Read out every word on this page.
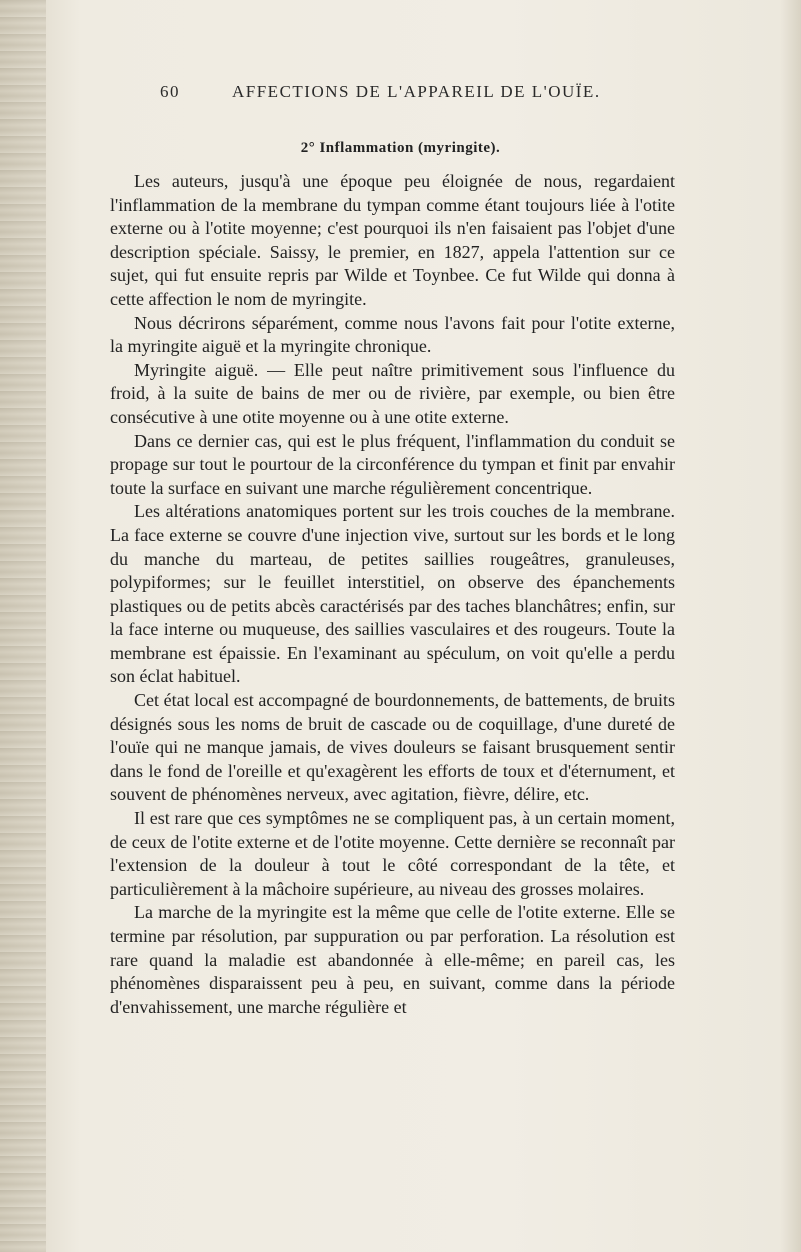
60	AFFECTIONS DE L'APPAREIL DE L'OUÏE.
2° Inflammation (myringite).

Les auteurs, jusqu'à une époque peu éloignée de nous, regardaient l'inflammation de la membrane du tympan comme étant toujours liée à l'otite externe ou à l'otite moyenne; c'est pourquoi ils n'en faisaient pas l'objet d'une description spéciale. Saissy, le premier, en 1827, appela l'attention sur ce sujet, qui fut ensuite repris par Wilde et Toynbee. Ce fut Wilde qui donna à cette affection le nom de myringite.

Nous décrirons séparément, comme nous l'avons fait pour l'otite externe, la myringite aiguë et la myringite chronique.

Myringite aiguë. — Elle peut naître primitivement sous l'influence du froid, à la suite de bains de mer ou de rivière, par exemple, ou bien être consécutive à une otite moyenne ou à une otite externe.

Dans ce dernier cas, qui est le plus fréquent, l'inflammation du conduit se propage sur tout le pourtour de la circonférence du tympan et finit par envahir toute la surface en suivant une marche régulièrement concentrique.

Les altérations anatomiques portent sur les trois couches de la membrane. La face externe se couvre d'une injection vive, surtout sur les bords et le long du manche du marteau, de petites saillies rougeâtres, granuleuses, polypiformes; sur le feuillet interstitiel, on observe des épanchements plastiques ou de petits abcès caractérisés par des taches blanchâtres; enfin, sur la face interne ou muqueuse, des saillies vasculaires et des rougeurs. Toute la membrane est épaissie. En l'examinant au spéculum, on voit qu'elle a perdu son éclat habituel.

Cet état local est accompagné de bourdonnements, de battements, de bruits désignés sous les noms de bruit de cascade ou de coquillage, d'une dureté de l'ouïe qui ne manque jamais, de vives douleurs se faisant brusquement sentir dans le fond de l'oreille et qu'exagèrent les efforts de toux et d'éternument, et souvent de phénomènes nerveux, avec agitation, fièvre, délire, etc.

Il est rare que ces symptômes ne se compliquent pas, à un certain moment, de ceux de l'otite externe et de l'otite moyenne. Cette dernière se reconnaît par l'extension de la douleur à tout le côté correspondant de la tête, et particulièrement à la mâchoire supérieure, au niveau des grosses molaires.

La marche de la myringite est la même que celle de l'otite externe. Elle se termine par résolution, par suppuration ou par perforation. La résolution est rare quand la maladie est abandonnée à elle-même; en pareil cas, les phénomènes disparaissent peu à peu, en suivant, comme dans la période d'envahissement, une marche régulière et
